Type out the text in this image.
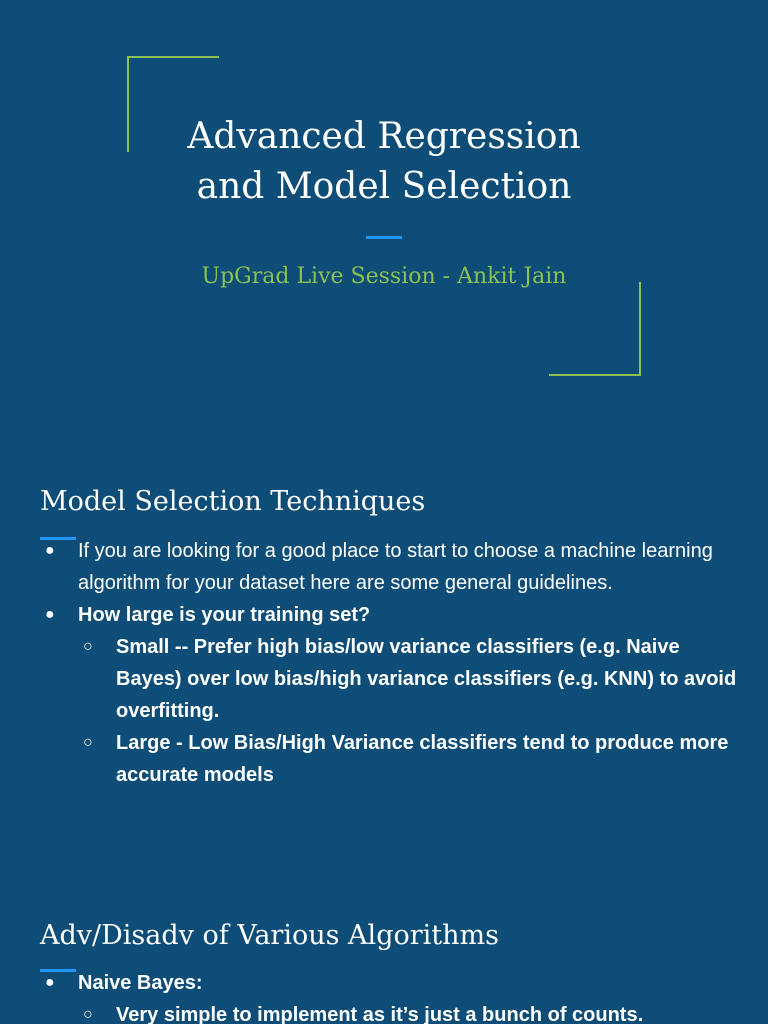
Advanced Regression
and Model Selection
UpGrad Live Session - Ankit Jain
Model Selection Techniques
● If you are looking for a good place to start to choose a machine learning algorithm for your dataset here are some general guidelines.
● How large is your training set?
○ Small -- Prefer high bias/low variance classifiers (e.g. Naive Bayes) over low bias/high variance classifiers (e.g. KNN) to avoid overfitting.
○ Large - Low Bias/High Variance classifiers tend to produce more accurate models
Adv/Disadv of Various Algorithms
● Naive Bayes:
○ Very simple to implement as it’s just a bunch of counts.
